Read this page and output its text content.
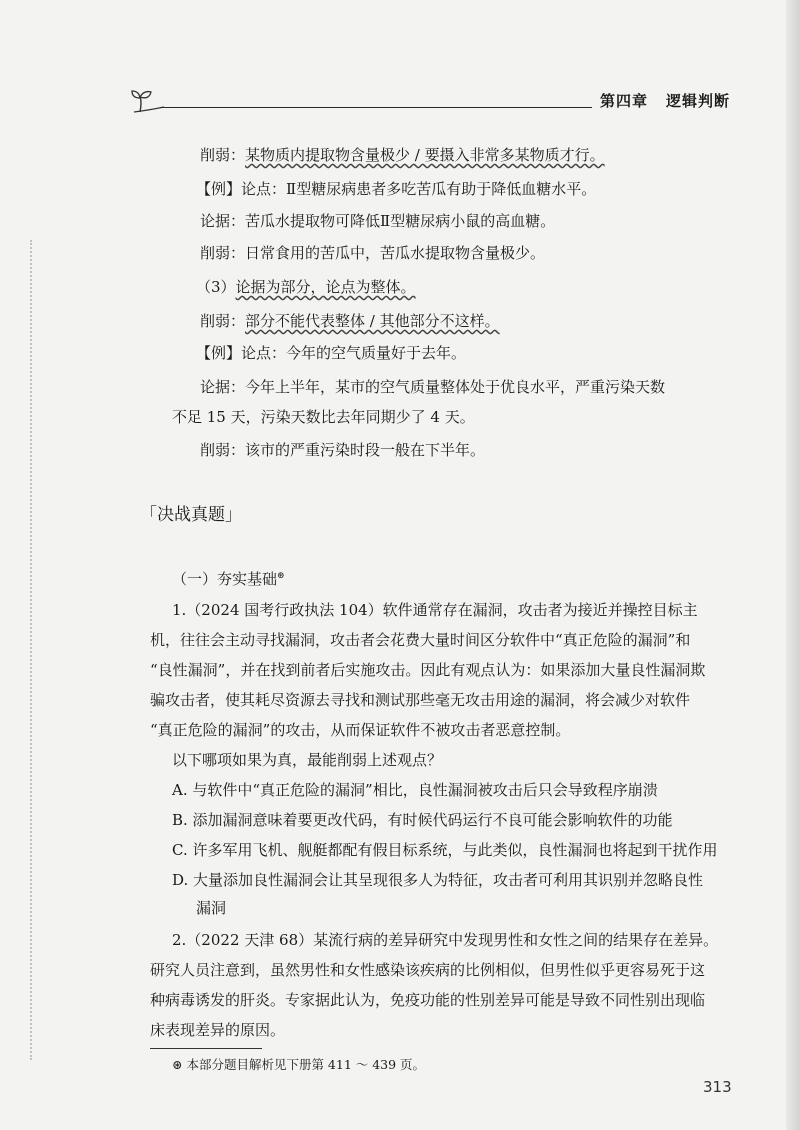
第四章 逻辑判断
削弱：某物质内提取物含量极少 / 要摄入非常多某物质才行。
【例】论点：Ⅱ型糖尿病患者多吃苦瓜有助于降低血糖水平。
论据：苦瓜水提取物可降低Ⅱ型糖尿病小鼠的高血糖。
削弱：日常食用的苦瓜中，苦瓜水提取物含量极少。
（3）论据为部分，论点为整体。
削弱：部分不能代表整体 / 其他部分不这样。
【例】论点：今年的空气质量好于去年。
论据：今年上半年，某市的空气质量整体处于优良水平，严重污染天数
不足 15 天，污染天数比去年同期少了 4 天。
削弱：该市的严重污染时段一般在下半年。
「决战真题」
（一）夯实基础⊛
1.（2024 国考行政执法 104）软件通常存在漏洞，攻击者为接近并操控目标主
机，往往会主动寻找漏洞，攻击者会花费大量时间区分软件中“真正危险的漏洞”和
“良性漏洞”，并在找到前者后实施攻击。因此有观点认为：如果添加大量良性漏洞欺
骗攻击者，使其耗尽资源去寻找和测试那些毫无攻击用途的漏洞，将会减少对软件
“真正危险的漏洞”的攻击，从而保证软件不被攻击者恶意控制。
以下哪项如果为真，最能削弱上述观点？
A. 与软件中“真正危险的漏洞”相比，良性漏洞被攻击后只会导致程序崩溃
B. 添加漏洞意味着要更改代码，有时候代码运行不良可能会影响软件的功能
C. 许多军用飞机、舰艇都配有假目标系统，与此类似，良性漏洞也将起到干扰作用
D. 大量添加良性漏洞会让其呈现很多人为特征，攻击者可利用其识别并忽略良性
漏洞
2.（2022 天津 68）某流行病的差异研究中发现男性和女性之间的结果存在差异。
研究人员注意到，虽然男性和女性感染该疾病的比例相似，但男性似乎更容易死于这
种病毒诱发的肝炎。专家据此认为，免疫功能的性别差异可能是导致不同性别出现临
床表现差异的原因。
⊛ 本部分题目解析见下册第 411 ～ 439 页。
313
